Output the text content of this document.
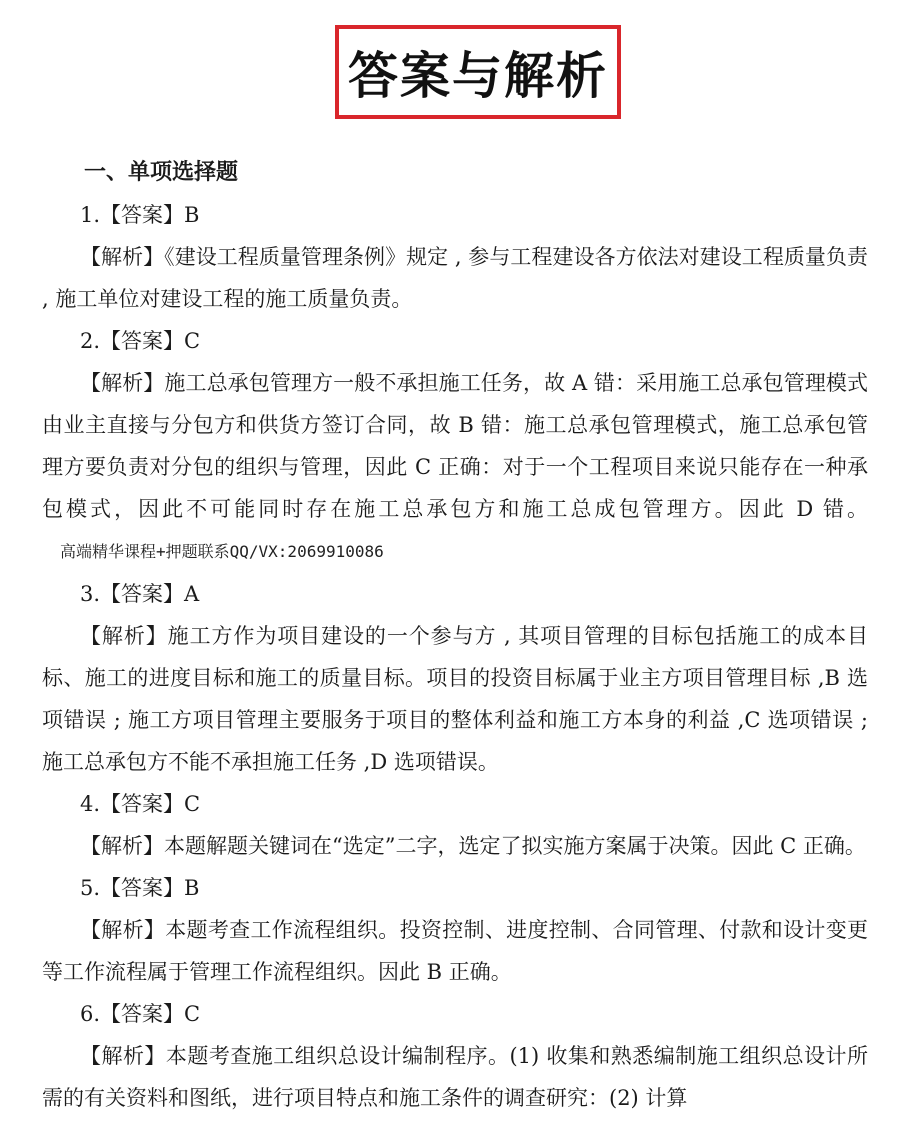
答案与解析
一、单项选择题
1.【答案】B

【解析】《建设工程质量管理条例》规定 , 参与工程建设各方依法对建设工程质量负责 , 施工单位对建设工程的施工质量负责。

2.【答案】C

【解析】施工总承包管理方一般不承担施工任务，故 A 错：采用施工总承包管理模式由业主直接与分包方和供货方签订合同，故 B 错：施工总承包管理模式，施工总承包管理方要负责对分包的组织与管理，因此 C 正确：对于一个工程项目来说只能存在一种承包模式，因此不可能同时存在施工总承包方和施工总成包管理方。因此 D 错。高端精华课程+押题联系QQ/VX:2069910086

3.【答案】A

【解析】施工方作为项目建设的一个参与方 , 其项目管理的目标包括施工的成本目标、施工的进度目标和施工的质量目标。项目的投资目标属于业主方项目管理目标 ,B 选项错误 ; 施工方项目管理主要服务于项目的整体利益和施工方本身的利益 ,C 选项错误 ; 施工总承包方不能不承担施工任务 ,D 选项错误。

4.【答案】C

【解析】本题解题关键词在“选定”二字，选定了拟实施方案属于决策。因此 C 正确。

5.【答案】B

【解析】本题考查工作流程组织。投资控制、进度控制、合同管理、付款和设计变更等工作流程属于管理工作流程组织。因此 B 正确。

6.【答案】C

【解析】本题考查施工组织总设计编制程序。(1) 收集和熟悉编制施工组织总设计所需的有关资料和图纸，进行项目特点和施工条件的调查研究：(2) 计算
